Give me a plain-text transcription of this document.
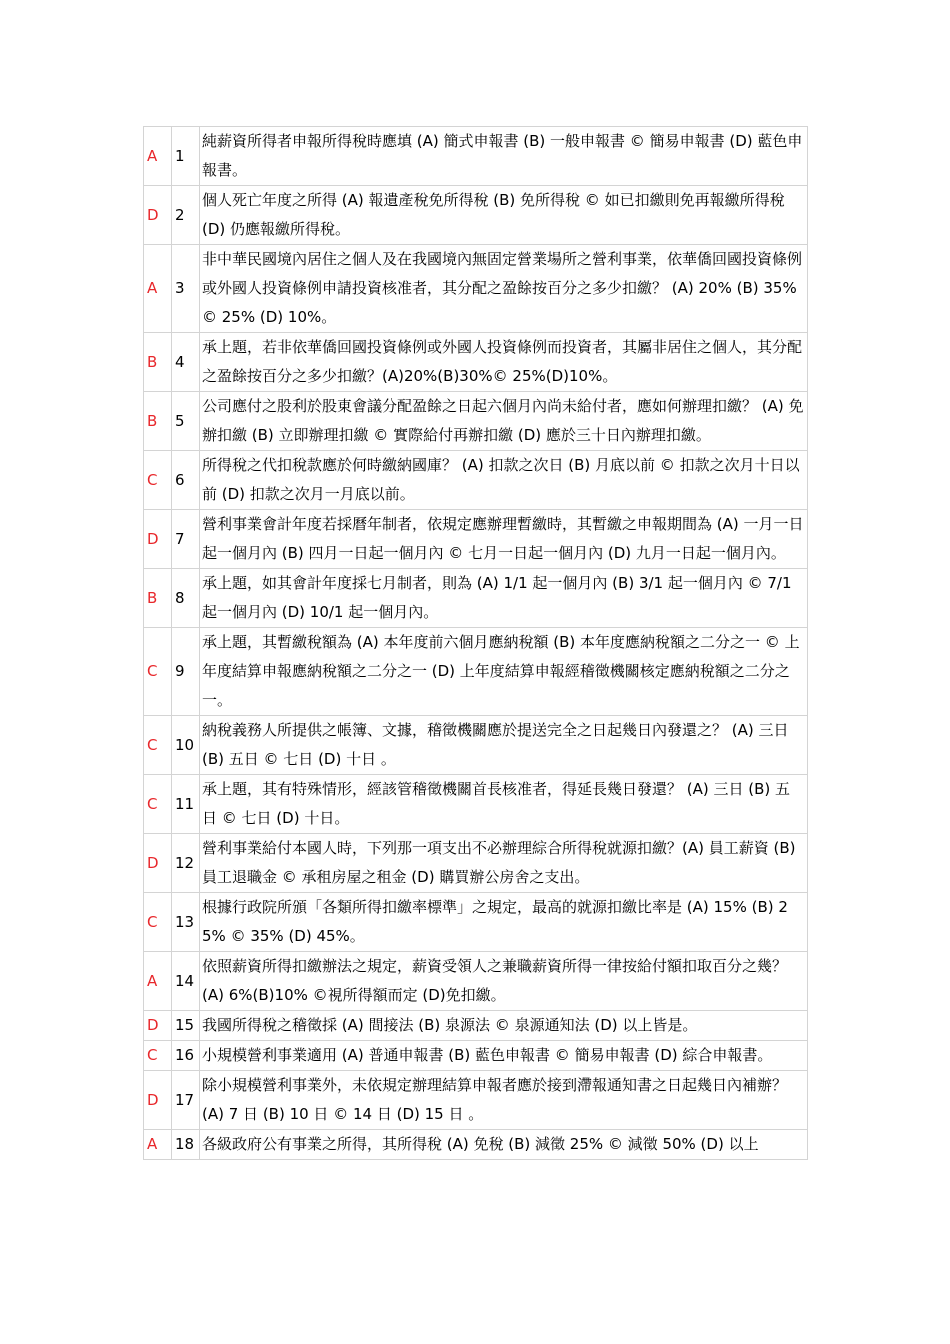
A	1	純薪資所得者申報所得稅時應填 (A) 簡式申報書 (B) 一般申報書 © 簡易申報書 (D) 藍色申報書。
D	2	個人死亡年度之所得 (A) 報遺產稅免所得稅 (B) 免所得稅 © 如已扣繳則免再報繳所得稅 (D) 仍應報繳所得稅。
A	3	非中華民國境內居住之個人及在我國境內無固定營業場所之營利事業，依華僑回國投資條例或外國人投資條例申請投資核准者，其分配之盈餘按百分之多少扣繳？ (A) 20% (B) 35% © 25% (D) 10%。
B	4	承上題，若非依華僑回國投資條例或外國人投資條例而投資者，其屬非居住之個人，其分配之盈餘按百分之多少扣繳？(A)20%(B)30%© 25%(D)10%。
B	5	公司應付之股利於股東會議分配盈餘之日起六個月內尚未給付者，應如何辦理扣繳？ (A) 免辦扣繳 (B) 立即辦理扣繳 © 實際給付再辦扣繳 (D) 應於三十日內辦理扣繳。
C	6	所得稅之代扣稅款應於何時繳納國庫？ (A) 扣款之次日 (B) 月底以前 © 扣款之次月十日以前 (D) 扣款之次月一月底以前。
D	7	營利事業會計年度若採曆年制者，依規定應辦理暫繳時，其暫繳之申報期間為 (A) 一月一日起一個月內 (B) 四月一日起一個月內 © 七月一日起一個月內 (D) 九月一日起一個月內。
B	8	承上題，如其會計年度採七月制者，則為 (A) 1/1 起一個月內 (B) 3/1 起一個月內 © 7/1 起一個月內 (D) 10/1 起一個月內。
C	9	承上題，其暫繳稅額為 (A) 本年度前六個月應納稅額 (B) 本年度應納稅額之二分之一 © 上年度結算申報應納稅額之二分之一 (D) 上年度結算申報經稽徵機關核定應納稅額之二分之一。
C	10	納稅義務人所提供之帳簿、文據，稽徵機關應於提送完全之日起幾日內發還之？ (A) 三日 (B) 五日 © 七日 (D) 十日 。
C	11	承上題，其有特殊情形，經該管稽徵機關首長核准者，得延長幾日發還？ (A) 三日 (B) 五日 © 七日 (D) 十日。
D	12	營利事業給付本國人時，下列那一項支出不必辦理綜合所得稅就源扣繳？(A) 員工薪資 (B) 員工退職金 © 承租房屋之租金 (D) 購買辦公房舍之支出。
C	13	根據行政院所頒「各類所得扣繳率標準」之規定，最高的就源扣繳比率是 (A) 15% (B) 25% © 35% (D) 45%。
A	14	依照薪資所得扣繳辦法之規定，薪資受領人之兼職薪資所得一律按給付額扣取百分之幾？(A) 6%(B)10% ©視所得額而定 (D)免扣繳。
D	15	我國所得稅之稽徵採 (A) 間接法 (B) 泉源法 © 泉源通知法 (D) 以上皆是。
C	16	小規模營利事業適用 (A) 普通申報書 (B) 藍色申報書 © 簡易申報書 (D) 綜合申報書。
D	17	除小規模營利事業外，未依規定辦理結算申報者應於接到滯報通知書之日起幾日內補辦？(A) 7 日 (B) 10 日 © 14 日 (D) 15 日 。
A	18	各級政府公有事業之所得，其所得稅 (A) 免稅 (B) 減徵 25% © 減徵 50% (D) 以上
